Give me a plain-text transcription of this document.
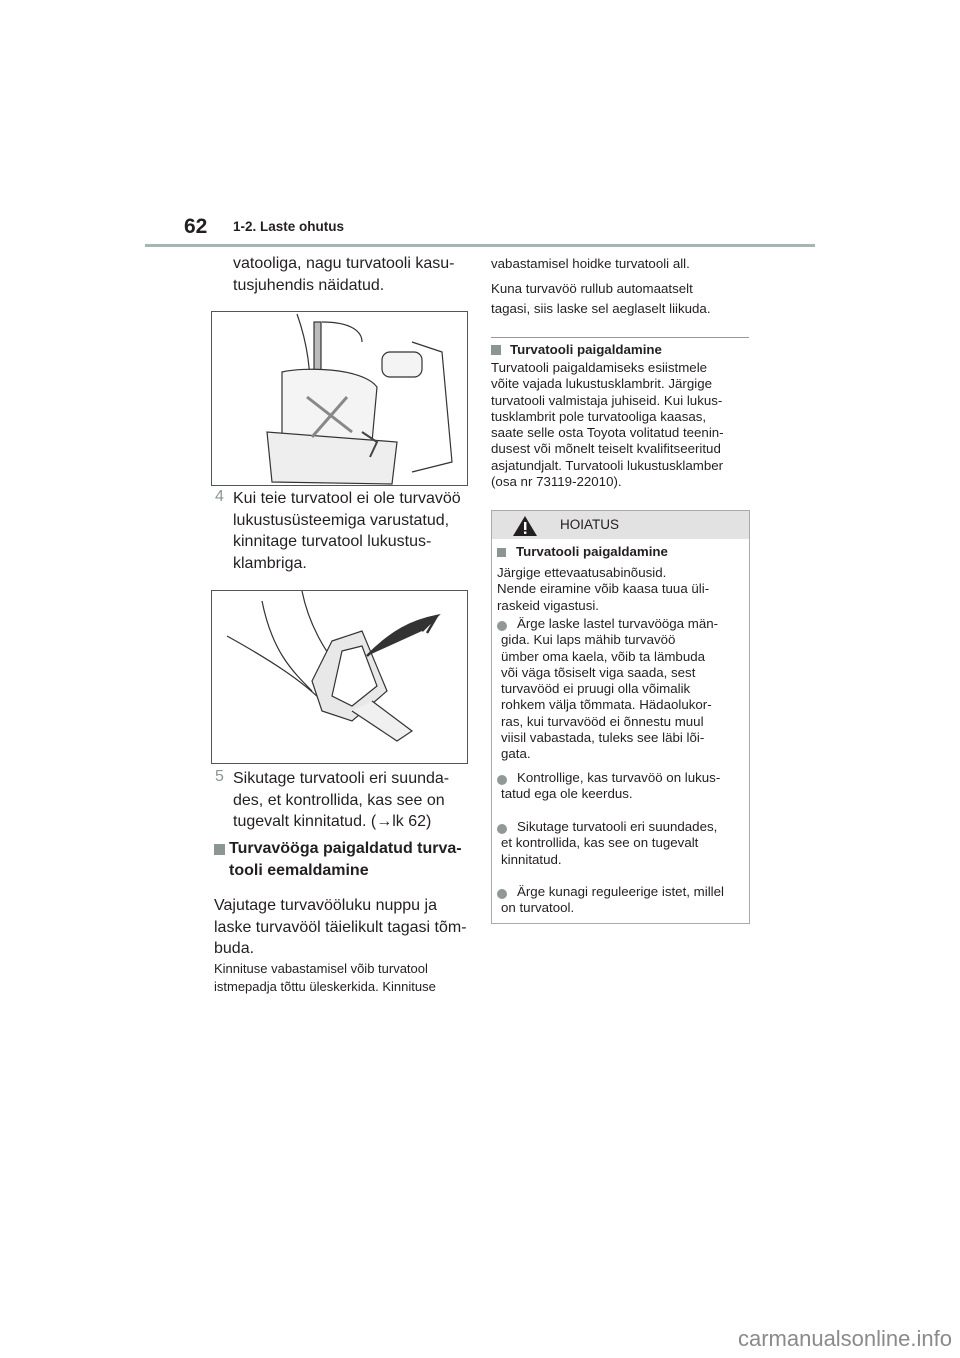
62 1-2. Laste ohutus
vatooliga, nagu turvatooli kasu-
tusjuhendis näidatud.
4 Kui teie turvatool ei ole turvavöö
lukustusüsteemiga varustatud,
kinnitage turvatool lukustus-
klambriga.
5 Sikutage turvatooli eri suunda-
des, et kontrollida, kas see on
tugevalt kinnitatud. (→lk 62)
Turvavööga paigaldatud turva-
tooli eemaldamine
Vajutage turvavööluku nuppu ja
laske turvavööl täielikult tagasi tõm-
buda.
Kinnituse vabastamisel võib turvatool
istmepadja tõttu üleskerkida. Kinnituse
vabastamisel hoidke turvatooli all.
Kuna turvavöö rullub automaatselt
tagasi, siis laske sel aeglaselt liikuda.
Turvatooli paigaldamine
Turvatooli paigaldamiseks esiistmele
võite vajada lukustusklambrit. Järgige
turvatooli valmistaja juhiseid. Kui lukus-
tusklambrit pole turvatooliga kaasas,
saate selle osta Toyota volitatud teenin-
dusest või mõnelt teiselt kvalifitseeritud
asjatundjalt. Turvatooli lukustusklamber
(osa nr 73119-22010).
HOIATUS
Turvatooli paigaldamine
Järgige ettevaatusabinõusid.
Nende eiramine võib kaasa tuua üli-
raskeid vigastusi.
Ärge laske lastel turvavööga män-
gida. Kui laps mähib turvavöö
ümber oma kaela, võib ta lämbuda
või väga tõsiselt viga saada, sest
turvavööd ei pruugi olla võimalik
rohkem välja tõmmata. Hädaolukor-
ras, kui turvavööd ei õnnestu muul
viisil vabastada, tuleks see läbi lõi-
gata.
Kontrollige, kas turvavöö on lukus-
tatud ega ole keerdus.
Sikutage turvatooli eri suundades,
et kontrollida, kas see on tugevalt
kinnitatud.
Ärge kunagi reguleerige istet, millel
on turvatool.
carmanualsonline.info
